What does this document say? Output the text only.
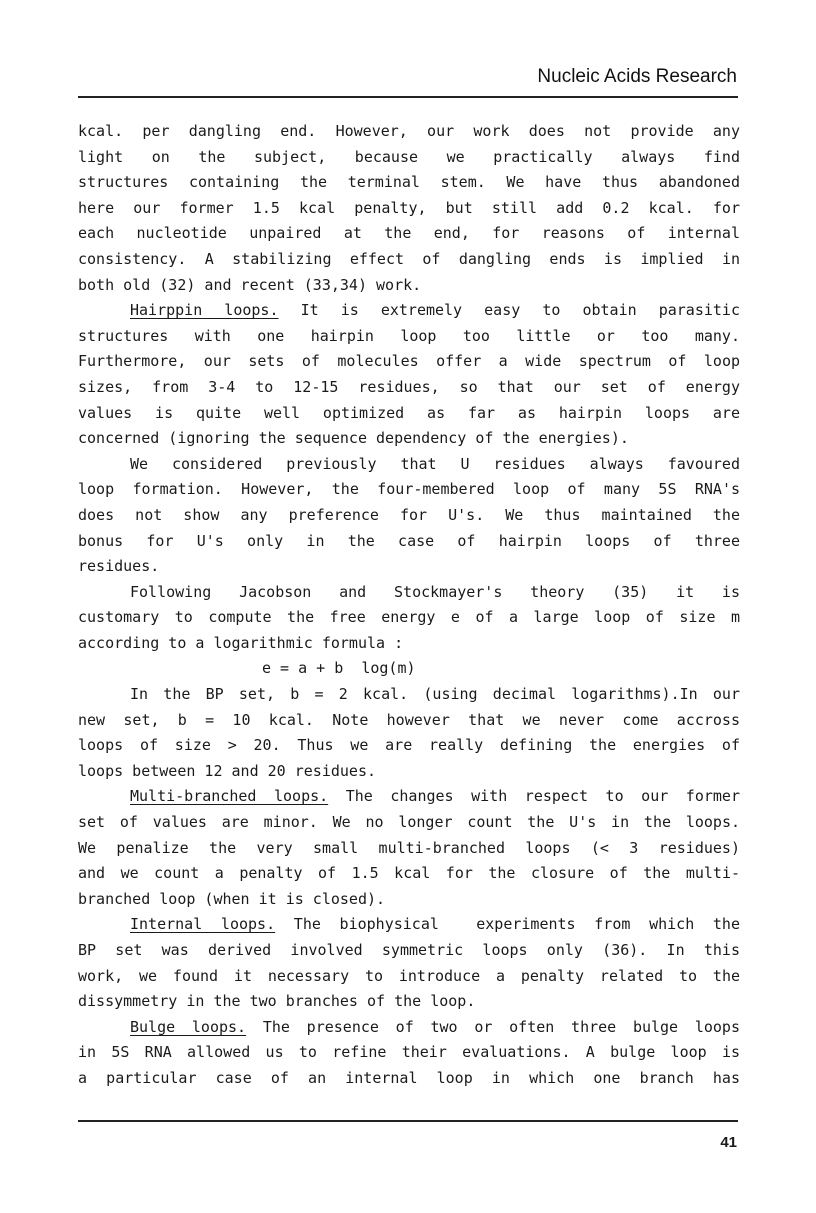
Nucleic Acids Research
kcal. per dangling end. However, our work does not provide any
light on the subject, because we practically always find
structures containing the terminal stem. We have thus abandoned
here our former 1.5 kcal penalty, but still add 0.2 kcal. for
each nucleotide unpaired at the end, for reasons of internal
consistency. A stabilizing effect of dangling ends is implied in
both old (32) and recent (33,34) work.
Hairppin loops. It is extremely easy to obtain parasitic
structures with one hairpin loop too little or too many.
Furthermore, our sets of molecules offer a wide spectrum of loop
sizes, from 3-4 to 12-15 residues, so that our set of energy
values is quite well optimized as far as hairpin loops are
concerned (ignoring the sequence dependency of the energies).
We considered previously that U residues always favoured
loop formation. However, the four-membered loop of many 5S RNA's
does not show any preference for U's. We thus maintained the
bonus for U's only in the case of hairpin loops of three
residues.
Following Jacobson and Stockmayer's theory (35) it is
customary to compute the free energy e of a large loop of size m
according to a logarithmic formula :
e = a + b  log(m)
In the BP set, b = 2 kcal. (using decimal logarithms).In our
new set, b = 10 kcal. Note however that we never come accross
loops of size > 20. Thus we are really defining the energies of
loops between 12 and 20 residues.
Multi-branched loops. The changes with respect to our former
set of values are minor. We no longer count the U's in the loops.
We penalize the very small multi-branched loops (< 3 residues)
and we count a penalty of 1.5 kcal for the closure of the multi-
branched loop (when it is closed).
Internal loops. The biophysical  experiments from which the
BP set was derived involved symmetric loops only (36). In this
work, we found it necessary to introduce a penalty related to the
dissymmetry in the two branches of the loop.
Bulge loops. The presence of two or often three bulge loops
in 5S RNA allowed us to refine their evaluations. A bulge loop is
a particular case of an internal loop in which one branch has
41
